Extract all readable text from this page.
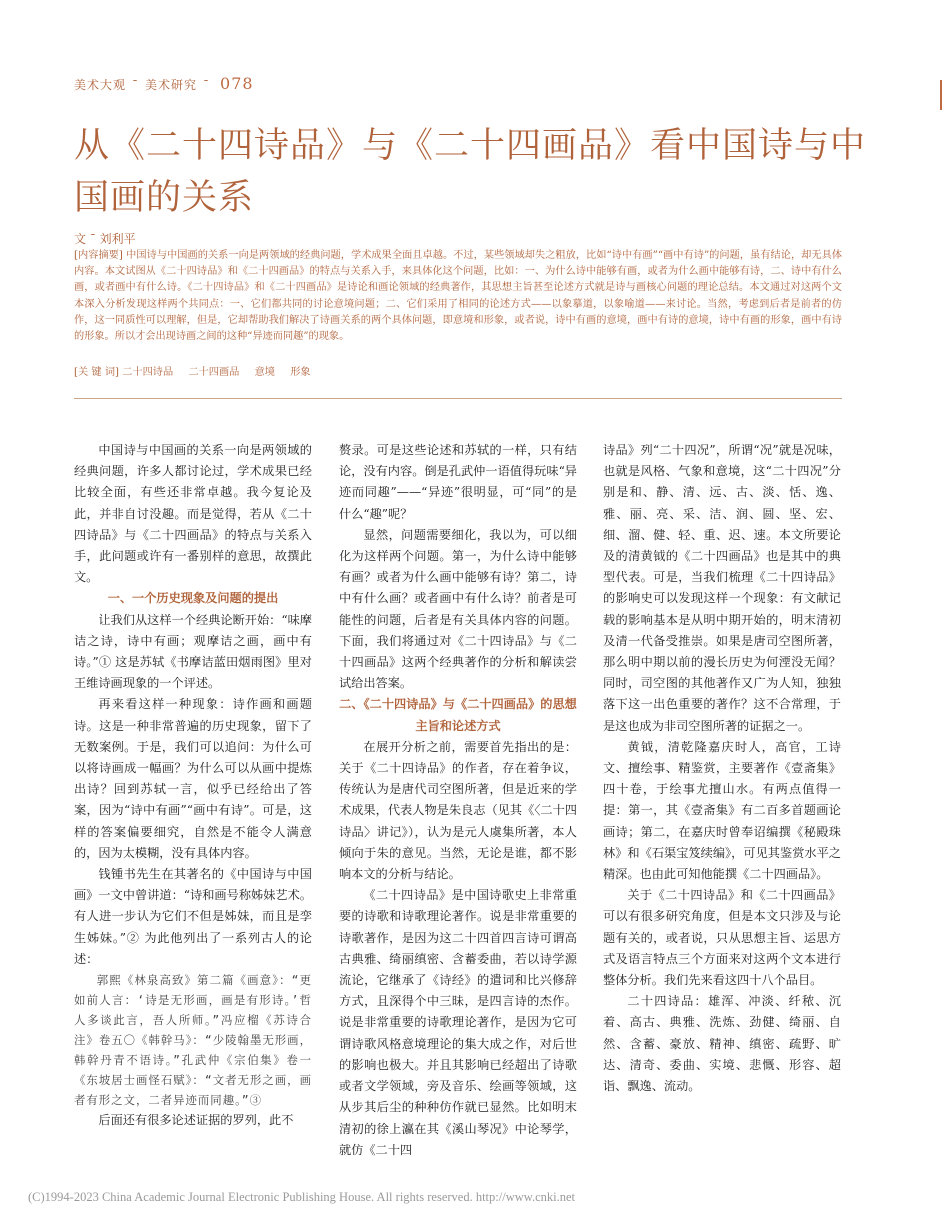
美术大观 ˉ 美术研究 ˉ 078
从《二十四诗品》与《二十四画品》看中国诗与中国画的关系
文 ˉ 刘利平
[内容摘要] 中国诗与中国画的关系一向是两领域的经典问题，学术成果全面且卓越。不过，某些领域却失之粗放，比如“诗中有画”“画中有诗”的问题，虽有结论，却无具体内容。本文试图从《二十四诗品》和《二十四画品》的特点与关系入手，来具体化这个问题，比如：一、为什么诗中能够有画，或者为什么画中能够有诗，二、诗中有什么画，或者画中有什么诗。《二十四诗品》和《二十四画品》是诗论和画论领域的经典著作，其思想主旨甚至论述方式就是诗与画核心问题的理论总结。本文通过对这两个文本深入分析发现这样两个共同点：一、它们都共同的讨论意境问题；二、它们采用了相同的论述方式——以象摹道，以象喻道——来讨论。当然，考虑到后者是前者的仿作，这一同质性可以理解，但是，它却帮助我们解决了诗画关系的两个具体问题，即意境和形象，或者说，诗中有画的意境，画中有诗的意境，诗中有画的形象，画中有诗的形象。所以才会出现诗画之间的这种“异迹而同趣”的现象。
[关 键 词] 二十四诗品 二十四画品 意境 形象

中国诗与中国画的关系一向是两领域的经典问题，许多人都讨论过，学术成果已经比较全面，有些还非常卓越。我今复论及此，并非自讨没趣。而是觉得，若从《二十四诗品》与《二十四画品》的特点与关系入手，此问题或许有一番别样的意思，故撰此文。

一、一个历史现象及问题的提出

让我们从这样一个经典论断开始：“味摩诘之诗，诗中有画；观摩诘之画，画中有诗。”① 这是苏轼《书摩诘蓝田烟雨图》里对王维诗画现象的一个评述。

再来看这样一种现象：诗作画和画题诗。这是一种非常普遍的历史现象，留下了无数案例。于是，我们可以追问：为什么可以将诗画成一幅画？为什么可以从画中提炼出诗？回到苏轼一言，似乎已经给出了答案，因为“诗中有画”“画中有诗”。可是，这样的答案偏要细究，自然是不能令人满意的，因为太模糊，没有具体内容。

钱锺书先生在其著名的《中国诗与中国画》一文中曾讲道：“诗和画号称姊妹艺术。有人进一步认为它们不但是姊妹，而且是孪生姊妹。”② 为此他列出了一系列古人的论述：

郭熙《林泉高致》第二篇《画意》：“更如前人言：‘诗是无形画，画是有形诗。’哲人多谈此言，吾人所师。”冯应榴《苏诗合注》卷五〇《韩幹马》：“少陵翰墨无形画，韩幹丹青不语诗。”孔武仲《宗伯集》卷一《东坡居士画怪石赋》：“文者无形之画，画者有形之文，二者异迹而同趣。”③

后面还有很多论述证据的罗列，此不

赘录。可是这些论述和苏轼的一样，只有结论，没有内容。倒是孔武仲一语值得玩味“异迹而同趣”——“异迹”很明显，可“同”的是什么“趣”呢？

显然，问题需要细化，我以为，可以细化为这样两个问题。第一，为什么诗中能够有画？或者为什么画中能够有诗？第二，诗中有什么画？或者画中有什么诗？前者是可能性的问题，后者是有关具体内容的问题。下面，我们将通过对《二十四诗品》与《二十四画品》这两个经典著作的分析和解读尝试给出答案。

二、《二十四诗品》与《二十四画品》的思想主旨和论述方式

在展开分析之前，需要首先指出的是：关于《二十四诗品》的作者，存在着争议，传统认为是唐代司空图所著，但是近来的学术成果，代表人物是朱良志（见其《〈二十四诗品〉讲记》），认为是元人虞集所著，本人倾向于朱的意见。当然，无论是谁，都不影响本文的分析与结论。

《二十四诗品》是中国诗歌史上非常重要的诗歌和诗歌理论著作。说是非常重要的诗歌著作，是因为这二十四首四言诗可谓高古典雅、绮丽缜密、含蓄委曲，若以诗学源流论，它继承了《诗经》的遣词和比兴修辞方式，且深得个中三昧，是四言诗的杰作。说是非常重要的诗歌理论著作，是因为它可谓诗歌风格意境理论的集大成之作，对后世的影响也极大。并且其影响已经超出了诗歌或者文学领域，旁及音乐、绘画等领域，这从步其后尘的种种仿作就已显然。比如明末清初的徐上瀛在其《溪山琴况》中论琴学，就仿《二十四

诗品》列“二十四况”，所谓“况”就是况味，也就是风格、气象和意境，这“二十四况”分别是和、静、清、远、古、淡、恬、逸、雅、丽、亮、采、洁、润、圆、坚、宏、细、溜、健、轻、重、迟、速。本文所要论及的清黄钺的《二十四画品》也是其中的典型代表。可是，当我们梳理《二十四诗品》的影响史可以发现这样一个现象：有文献记载的影响基本是从明中期开始的，明末清初及清一代备受推崇。如果是唐司空图所著，那么明中期以前的漫长历史为何湮没无闻？同时，司空图的其他著作又广为人知，独独落下这一出色重要的著作？这不合常理，于是这也成为非司空图所著的证据之一。

黄钺，清乾隆嘉庆时人，高官，工诗文、擅绘事、精鉴赏，主要著作《壹斋集》四十卷，于绘事尤擅山水。有两点值得一提：第一，其《壹斋集》有二百多首题画论画诗；第二，在嘉庆时曾奉诏编撰《秘殿珠林》和《石渠宝笈续编》，可见其鉴赏水平之精深。也由此可知他能撰《二十四画品》。

关于《二十四诗品》和《二十四画品》可以有很多研究角度，但是本文只涉及与论题有关的，或者说，只从思想主旨、运思方式及语言特点三个方面来对这两个文本进行整体分析。我们先来看这四十八个品目。

二十四诗品：雄浑、冲淡、纤秾、沉着、高古、典雅、洗炼、劲健、绮丽、自然、含蓄、豪放、精神、缜密、疏野、旷达、清奇、委曲、实境、悲慨、形容、超诣、飘逸、流动。

(C)1994-2023 China Academic Journal Electronic Publishing House. All rights reserved. http://www.cnki.net
